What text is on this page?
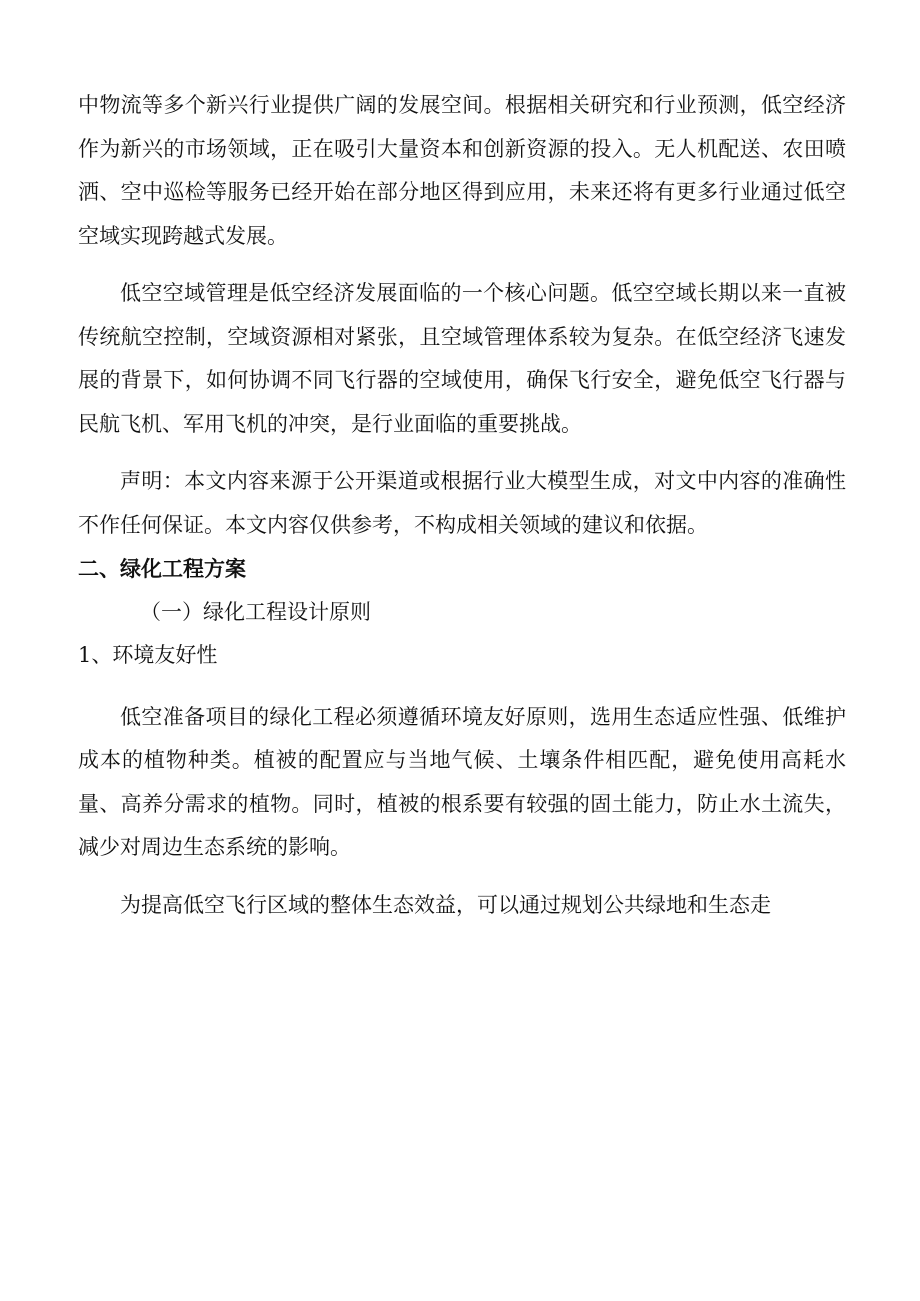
中物流等多个新兴行业提供广阔的发展空间。根据相关研究和行业预测，低空经济作为新兴的市场领域，正在吸引大量资本和创新资源的投入。无人机配送、农田喷洒、空中巡检等服务已经开始在部分地区得到应用，未来还将有更多行业通过低空空域实现跨越式发展。

低空空域管理是低空经济发展面临的一个核心问题。低空空域长期以来一直被传统航空控制，空域资源相对紧张，且空域管理体系较为复杂。在低空经济飞速发展的背景下，如何协调不同飞行器的空域使用，确保飞行安全，避免低空飞行器与民航飞机、军用飞机的冲突，是行业面临的重要挑战。

声明：本文内容来源于公开渠道或根据行业大模型生成，对文中内容的准确性不作任何保证。本文内容仅供参考，不构成相关领域的建议和依据。

二、绿化工程方案

（一）绿化工程设计原则

1、环境友好性

低空准备项目的绿化工程必须遵循环境友好原则，选用生态适应性强、低维护成本的植物种类。植被的配置应与当地气候、土壤条件相匹配，避免使用高耗水量、高养分需求的植物。同时，植被的根系要有较强的固土能力，防止水土流失，减少对周边生态系统的影响。

为提高低空飞行区域的整体生态效益，可以通过规划公共绿地和生态走
